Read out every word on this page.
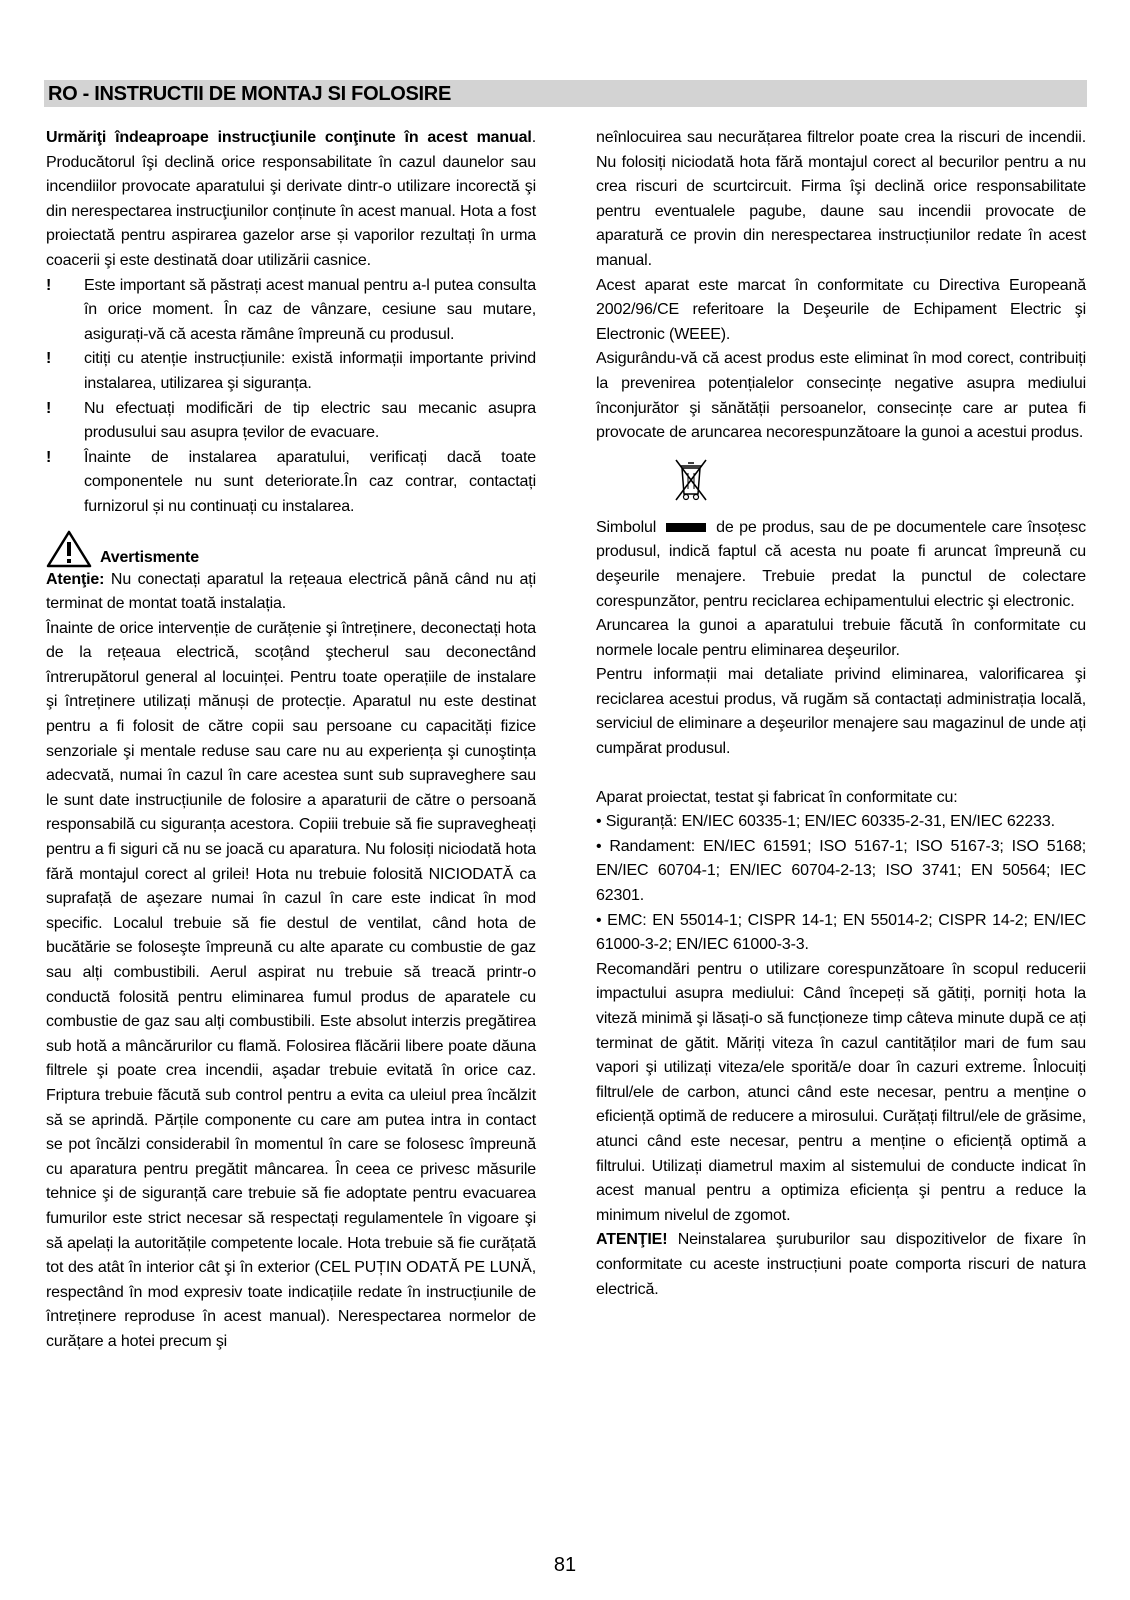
RO - INSTRUCTII DE MONTAJ SI FOLOSIRE

Urmăriţi îndeaproape instrucţiunile conţinute în acest manual. Producătorul îşi declină orice responsabilitate în cazul daunelor sau incendiilor provocate aparatului şi derivate dintr-o utilizare incorectă şi din nerespectarea instrucţiunilor conținute în acest manual. Hota a fost proiectată pentru aspirarea gazelor arse și vaporilor rezultați în urma coacerii şi este destinată doar utilizării casnice.

!	Este important să păstrați acest manual pentru a-l putea consulta în orice moment. În caz de vânzare, cesiune sau mutare, asigurați-vă că acesta rămâne împreună cu produsul.
!	citiți cu atenție instrucțiunile: există informații importante privind instalarea, utilizarea şi siguranța.
!	Nu efectuați modificări de tip electric sau mecanic asupra produsului sau asupra țevilor de evacuare.
!	Înainte de instalarea aparatului, verificați dacă toate componentele nu sunt deteriorate.În caz contrar, contactați furnizorul și nu continuați cu instalarea.
Avertismente

Atenţie: Nu conectați aparatul la rețeaua electrică până când nu ați terminat de montat toată instalația.

Înainte de orice intervenție de curățenie şi întreținere, deconectați hota de la rețeaua electrică, scoțând ştecherul sau deconectând întrerupătorul general al locuinței. Pentru toate operațiile de instalare şi întreținere utilizați mănuși de protecție. Aparatul nu este destinat pentru a fi folosit de către copii sau persoane cu capacități fizice senzoriale şi mentale reduse sau care nu au experiența şi cunoştința adecvată, numai în cazul în care acestea sunt sub supraveghere sau le sunt date instrucțiunile de folosire a aparaturii de către o persoană responsabilă cu siguranța acestora. Copiii trebuie să fie supravegheați pentru a fi siguri că nu se joacă cu aparatura. Nu folosiți niciodată hota fără montajul corect al grilei! Hota nu trebuie folosită NICIODATĂ ca suprafață de aşezare numai în cazul în care este indicat în mod specific. Localul trebuie să fie destul de ventilat, când hota de bucătărie se foloseşte împreună cu alte aparate cu combustie de gaz sau alți combustibili. Aerul aspirat nu trebuie să treacă printr-o conductă folosită pentru eliminarea fumul produs de aparatele cu combustie de gaz sau alți combustibili. Este absolut interzis pregătirea sub hotă a mâncărurilor cu flamă. Folosirea flăcării libere poate dăuna filtrele şi poate crea incendii, aşadar trebuie evitată în orice caz. Friptura trebuie făcută sub control pentru a evita ca uleiul prea încălzit să se aprindă. Părțile componente cu care am putea intra in contact se pot încălzi considerabil în momentul în care se folosesc împreună cu aparatura pentru pregătit mâncarea. În ceea ce privesc măsurile tehnice şi de siguranță care trebuie să fie adoptate pentru evacuarea fumurilor este strict necesar să respectați regulamentele în vigoare şi să apelați la autoritățile competente locale. Hota trebuie să fie curățată tot des atât în interior cât şi în exterior (CEL PUȚIN ODATĂ PE LUNĂ, respectând în mod expresiv toate indicațiile redate în instrucțiunile de întreținere reproduse în acest manual). Nerespectarea normelor de curățare a hotei precum şi

neînlocuirea sau necurățarea filtrelor poate crea la riscuri de incendii. Nu folosiți niciodată hota fără montajul corect al becurilor pentru a nu crea riscuri de scurtcircuit. Firma îşi declină orice responsabilitate pentru eventualele pagube, daune sau incendii provocate de aparatură ce provin din nerespectarea instrucțiunilor redate în acest manual.

Acest aparat este marcat în conformitate cu Directiva Europeană 2002/96/CE referitoare la Deşeurile de Echipament Electric şi Electronic (WEEE).

Asigurându-vă că acest produs este eliminat în mod corect, contribuiți la prevenirea potențialelor consecințe negative asupra mediului înconjurător şi sănătății persoanelor, consecințe care ar putea fi provocate de aruncarea necorespunzătoare la gunoi a acestui produs.

Simbolul	de pe produs, sau de pe documentele care însoțesc produsul, indică faptul că acesta nu poate fi aruncat împreună cu deşeurile menajere. Trebuie predat la punctul de colectare corespunzător, pentru reciclarea echipamentului electric şi electronic.

Aruncarea la gunoi a aparatului trebuie făcută în conformitate cu normele locale pentru eliminarea deşeurilor.

Pentru informații mai detaliate privind eliminarea, valorificarea şi reciclarea acestui produs, vă rugăm să contactați administrația locală, serviciul de eliminare a deşeurilor menajere sau magazinul de unde ați cumpărat produsul.

Aparat proiectat, testat şi fabricat în conformitate cu:

• Siguranță: EN/IEC 60335-1; EN/IEC 60335-2-31, EN/IEC 62233.

• Randament: EN/IEC 61591; ISO 5167-1; ISO 5167-3; ISO 5168; EN/IEC 60704-1; EN/IEC 60704-2-13; ISO 3741; EN 50564; IEC 62301.

• EMC: EN 55014-1; CISPR 14-1; EN 55014-2; CISPR 14-2; EN/IEC 61000-3-2; EN/IEC 61000-3-3.

Recomandări pentru o utilizare corespunzătoare în scopul reducerii impactului asupra mediului: Când începeți să gătiți, porniți hota la viteză minimă şi lăsați-o să funcționeze timp câteva minute după ce ați terminat de gătit. Măriți viteza în cazul cantităților mari de fum sau vapori şi utilizați viteza/ele sporită/e doar în cazuri extreme. Înlocuiți filtrul/ele de carbon, atunci când este necesar, pentru a menține o eficiență optimă de reducere a mirosului. Curățați filtrul/ele de grăsime, atunci când este necesar, pentru a menține o eficiență optimă a filtrului. Utilizați diametrul maxim al sistemului de conducte indicat în acest manual pentru a optimiza eficiența şi pentru a reduce la minimum nivelul de zgomot.

ATENŢIE! Neinstalarea şuruburilor sau dispozitivelor de fixare în conformitate cu aceste instrucțiuni poate comporta riscuri de natura electrică.

81
